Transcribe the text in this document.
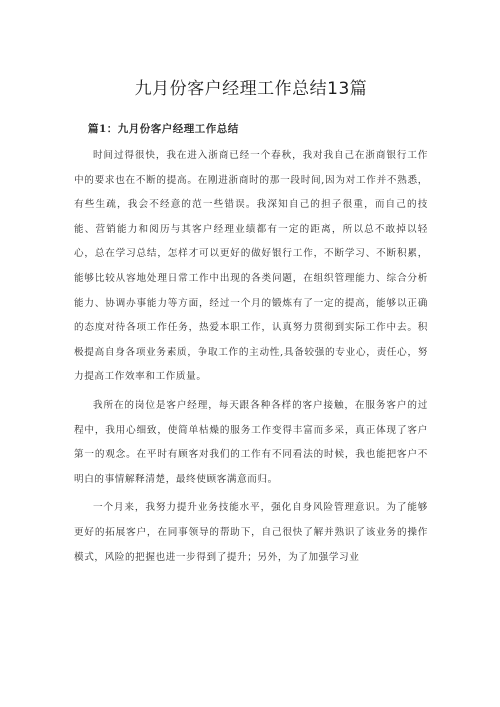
九月份客户经理工作总结13篇
篇1：九月份客户经理工作总结

时间过得很快，我在进入浙商已经一个春秋，我对我自己在浙商银行工作中的要求也在不断的提高。在刚进浙商时的那一段时间,因为对工作并不熟悉，有些生疏，我会不经意的范一些错误。我深知自己的担子很重，而自己的技能、营销能力和阅历与其客户经理业绩都有一定的距离，所以总不敢掉以轻心，总在学习总结，怎样才可以更好的做好银行工作，不断学习、不断积累，能够比较从容地处理日常工作中出现的各类问题，在组织管理能力、综合分析能力、协调办事能力等方面，经过一个月的锻炼有了一定的提高，能够以正确的态度对待各项工作任务，热爱本职工作，认真努力贯彻到实际工作中去。积极提高自身各项业务素质，争取工作的主动性,具备较强的专业心，责任心，努力提高工作效率和工作质量。

我所在的岗位是客户经理，每天跟各种各样的客户接触，在服务客户的过程中，我用心细致，使简单枯燥的服务工作变得丰富而多采，真正体现了客户第一的观念。在平时有顾客对我们的工作有不同看法的时候，我也能把客户不明白的事情解释清楚，最终使顾客满意而归。

一个月来，我努力提升业务技能水平，强化自身风险管理意识。为了能够更好的拓展客户，在同事领导的帮助下，自己很快了解并熟识了该业务的操作模式，风险的把握也进一步得到了提升；另外，为了加强学习业
